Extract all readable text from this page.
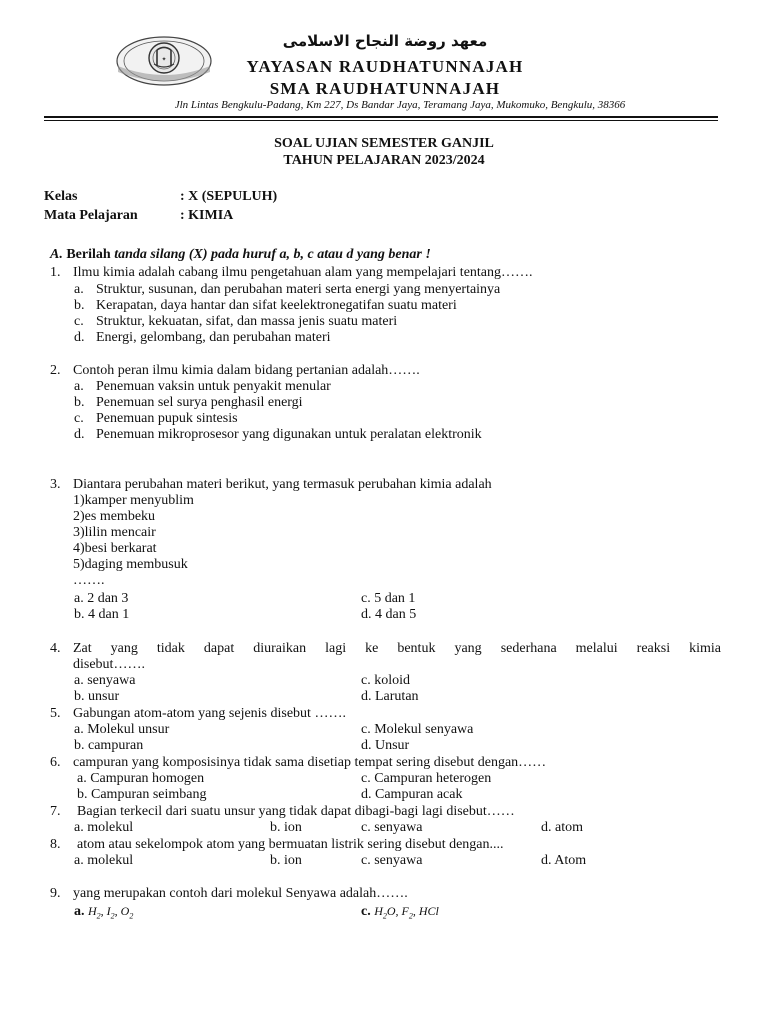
✦
معهد روضة النجاح الاسلامى
YAYASAN RAUDHATUNNAJAH
SMA RAUDHATUNNAJAH
Jln Lintas Bengkulu-Padang, Km 227, Ds Bandar Jaya, Teramang Jaya, Mukomuko, Bengkulu, 38366
SOAL UJIAN SEMESTER GANJIL
TAHUN PELAJARAN 2023/2024
Kelas	: X (SEPULUH)
Mata Pelajaran	: KIMIA
A. Berilah tanda silang (X) pada huruf a, b, c atau d yang benar !
1. Ilmu kimia adalah cabang ilmu pengetahuan alam yang mempelajari tentang…….
a. Struktur, susunan, dan perubahan materi serta energi yang menyertainya
b. Kerapatan, daya hantar dan sifat keelektronegatifan suatu materi
c. Struktur, kekuatan, sifat, dan massa jenis suatu materi
d. Energi, gelombang, dan perubahan materi
2. Contoh peran ilmu kimia dalam bidang pertanian adalah…….
a. Penemuan vaksin untuk penyakit menular
b. Penemuan sel surya penghasil energi
c. Penemuan pupuk sintesis
d. Penemuan mikroprosesor yang digunakan untuk peralatan elektronik
3. Diantara perubahan materi berikut, yang termasuk perubahan kimia adalah
1)kamper menyublim
2)es membeku
3)lilin mencair
4)besi berkarat
5)daging membusuk
…….
a. 2 dan 3	c. 5 dan 1
b. 4 dan 1	d. 4 dan 5
4. Zat yang tidak dapat diuraikan lagi ke bentuk yang sederhana melalui reaksi kimia
disebut…….
a. senyawa	c. koloid
b. unsur	d. Larutan
5. Gabungan atom-atom yang sejenis disebut …….
a. Molekul unsur	c. Molekul senyawa
b. campuran	d. Unsur
6. campuran yang komposisinya tidak sama disetiap tempat sering disebut dengan……
a. Campuran homogen	c. Campuran heterogen
b. Campuran seimbang	d. Campuran acak
7. Bagian terkecil dari suatu unsur yang tidak dapat dibagi-bagi lagi disebut……
a. molekul	b. ion	c. senyawa	d. atom
8. atom atau sekelompok atom yang bermuatan listrik sering disebut dengan....
a. molekul	b. ion	c. senyawa	d. Atom
9. yang merupakan contoh dari molekul Senyawa adalah…….
a. $H_2$, $I_2$, $O_2$	c. $H_2O$, $F_2$, HCl
